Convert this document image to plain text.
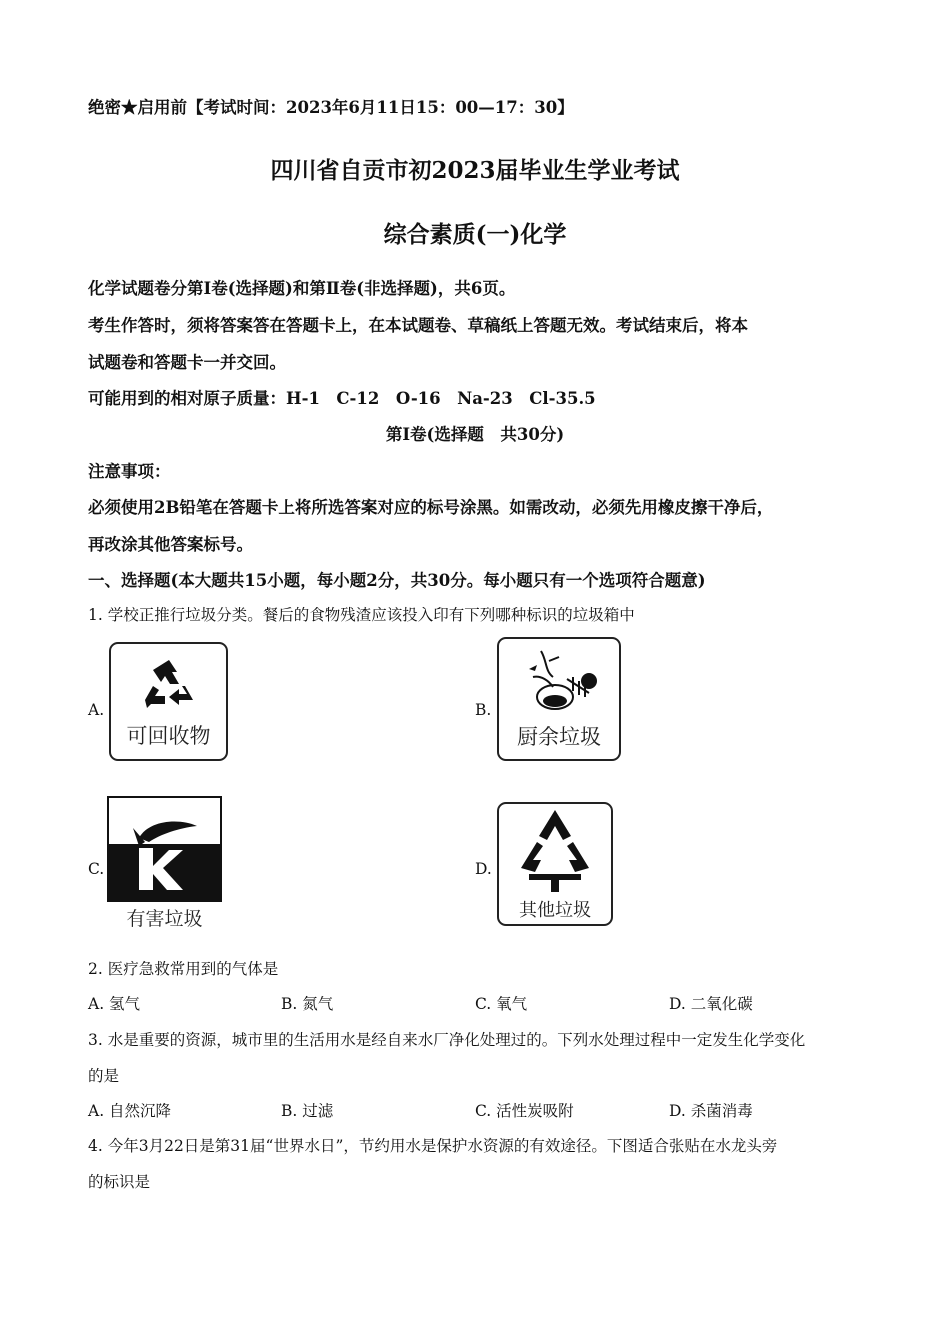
绝密★启用前【考试时间：2023年6月11日15：00—17：30】
四川省自贡市初2023届毕业生学业考试
综合素质(一)化学
化学试题卷分第I卷(选择题)和第Ⅱ卷(非选择题)，共6页。
考生作答时，须将答案答在答题卡上，在本试题卷、草稿纸上答题无效。考试结束后，将本
试题卷和答题卡一并交回。
可能用到的相对原子质量：H-1　C-12　O-16　Na-23　Cl-35.5
第I卷(选择题　共30分)
注意事项：
必须使用2B铅笔在答题卡上将所选答案对应的标号涂黑。如需改动，必须先用橡皮擦干净后，
再改涂其他答案标号。
一、选择题(本大题共15小题，每小题2分，共30分。每小题只有一个选项符合题意)
1. 学校正推行垃圾分类。餐后的食物残渣应该投入印有下列哪种标识的垃圾箱中
A.
可回收物
B.
厨余垃圾
C.
有害垃圾
D.
其他垃圾
2. 医疗急救常用到的气体是
A. 氢气	B. 氮气	C. 氧气	D. 二氧化碳
3. 水是重要的资源，城市里的生活用水是经自来水厂净化处理过的。下列水处理过程中一定发生化学变化
的是
A. 自然沉降	B. 过滤	C. 活性炭吸附	D. 杀菌消毒
4. 今年3月22日是第31届“世界水日”，节约用水是保护水资源的有效途径。下图适合张贴在水龙头旁
的标识是
